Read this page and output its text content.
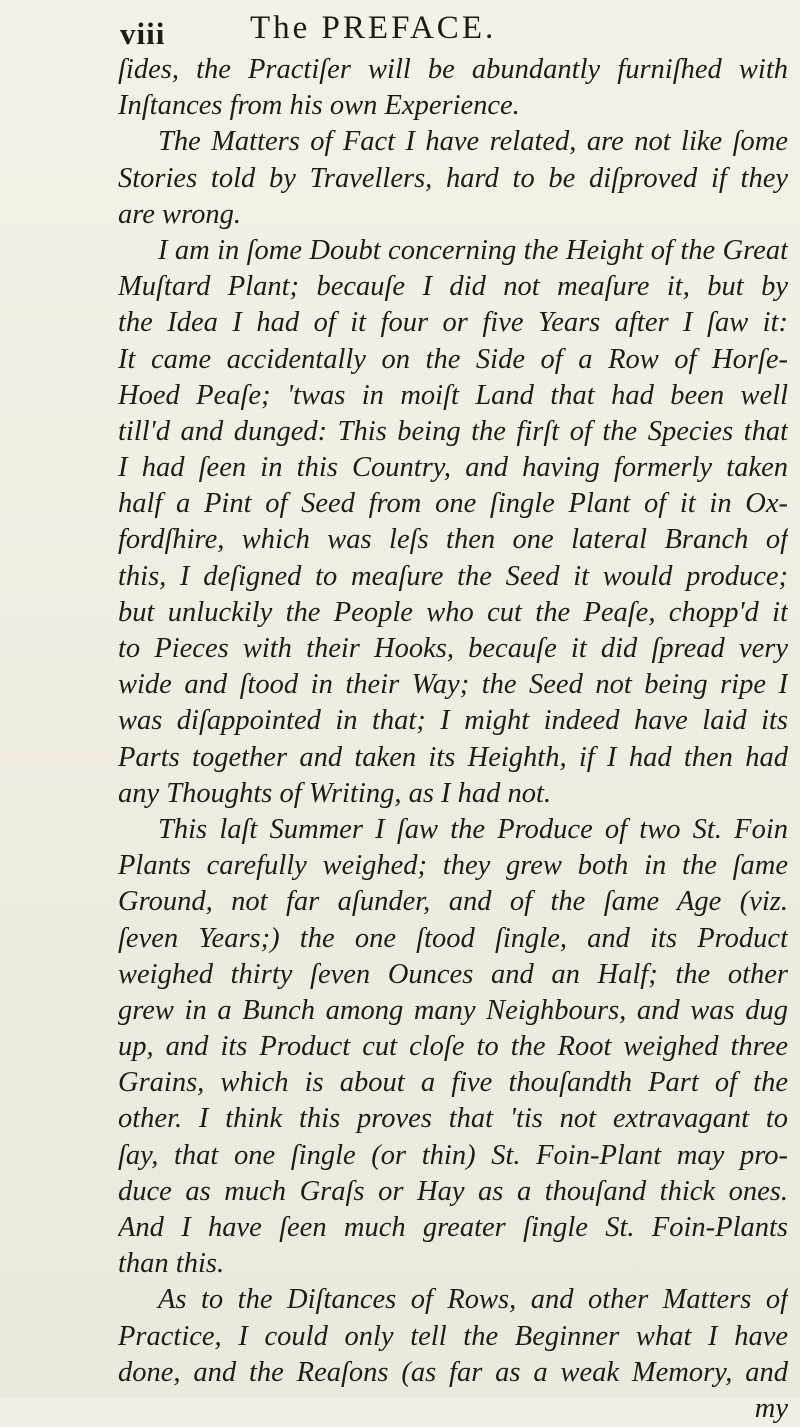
viii	The PREFACE.
ſides, the Practiſer will be abundantly furniſhed with
Inſtances from his own Experience.
The Matters of Fact I have related, are not like ſome
Stories told by Travellers, hard to be diſproved if they
are wrong.
I am in ſome Doubt concerning the Height of the Great
Muſtard Plant; becauſe I did not meaſure it, but by
the Idea I had of it four or five Years after I ſaw it:
It came accidentally on the Side of a Row of Horſe-
Hoed Peaſe; 'twas in moiſt Land that had been well
till'd and dunged: This being the firſt of the Species that
I had ſeen in this Country, and having formerly taken
half a Pint of Seed from one ſingle Plant of it in Ox-
fordſhire, which was leſs then one lateral Branch of
this, I deſigned to meaſure the Seed it would produce;
but unluckily the People who cut the Peaſe, chopp'd it
to Pieces with their Hooks, becauſe it did ſpread very
wide and ſtood in their Way; the Seed not being ripe I
was diſappointed in that; I might indeed have laid its
Parts together and taken its Heighth, if I had then had
any Thoughts of Writing, as I had not.
This laſt Summer I ſaw the Produce of two St. Foin
Plants carefully weighed; they grew both in the ſame
Ground, not far aſunder, and of the ſame Age (viz.
ſeven Years;) the one ſtood ſingle, and its Product
weighed thirty ſeven Ounces and an Half; the other
grew in a Bunch among many Neighbours, and was dug
up, and its Product cut cloſe to the Root weighed three
Grains, which is about a five thouſandth Part of the
other. I think this proves that 'tis not extravagant to
ſay, that one ſingle (or thin) St. Foin-Plant may pro-
duce as much Graſs or Hay as a thouſand thick ones.
And I have ſeen much greater ſingle St. Foin-Plants
than this.
As to the Diſtances of Rows, and other Matters of
Practice, I could only tell the Beginner what I have
done, and the Reaſons (as far as a weak Memory, and
my
